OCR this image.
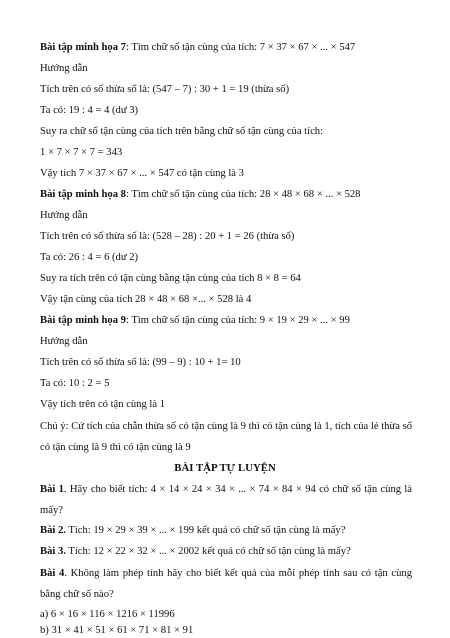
Bài tập minh họa 7: Tìm chữ số tận cùng của tích: 7 × 37 × 67 × ... × 547
Hướng dẫn
Tích trên có số thừa số là: (547 – 7) : 30 + 1 = 19 (thừa số)
Ta có: 19 : 4 = 4 (dư 3)
Suy ra chữ số tận cùng của tích trên bằng chữ số tận cùng của tích:
1 × 7 × 7 × 7 = 343
Vậy tích 7 × 37 × 67 × ... × 547 có tận cùng là 3
Bài tập minh họa 8: Tìm chữ số tận cùng của tích: 28 × 48 × 68 × ... × 528
Hướng dẫn
Tích trên có số thừa số là: (528 – 28) : 20 + 1 = 26 (thừa số)
Ta có: 26 : 4 = 6 (dư 2)
Suy ra tích trên có tận cùng bằng tận cùng của tích 8 × 8 = 64
Vậy tận cùng của tích 28 × 48 × 68 ×... × 528 là 4
Bài tập minh họa 9: Tìm chữ số tận cùng của tích: 9 × 19 × 29 × ... × 99
Hướng dẫn
Tích trên có số thừa số là: (99 – 9) : 10 + 1= 10
Ta có: 10 : 2 = 5
Vậy tích trên có tận cùng là 1
Chú ý: Cứ tích của chẵn thừa số có tận cùng là 9 thì có tận cùng là 1, tích của lẻ thừa số có tận cùng là 9 thì có tận cùng là 9
BÀI TẬP TỰ LUYỆN
Bài 1. Hãy cho biết tích: 4 × 14 × 24 × 34 × ... × 74 × 84 × 94 có chữ số tận cùng là mấy?
Bài 2. Tích: 19 × 29 × 39 × ... × 199 kết quả có chữ số tận cùng là mấy?
Bài 3. Tích: 12 × 22 × 32 × ... × 2002 kết quả có chữ số tận cùng là mấy?
Bài 4. Không làm phép tính hãy cho biết kết quả của mỗi phép tính sau có tận cùng bằng chữ số nào?
a) 6 × 16 × 116 × 1216 × 11996
b) 31 × 41 × 51 × 61 × 71 × 81 × 91
